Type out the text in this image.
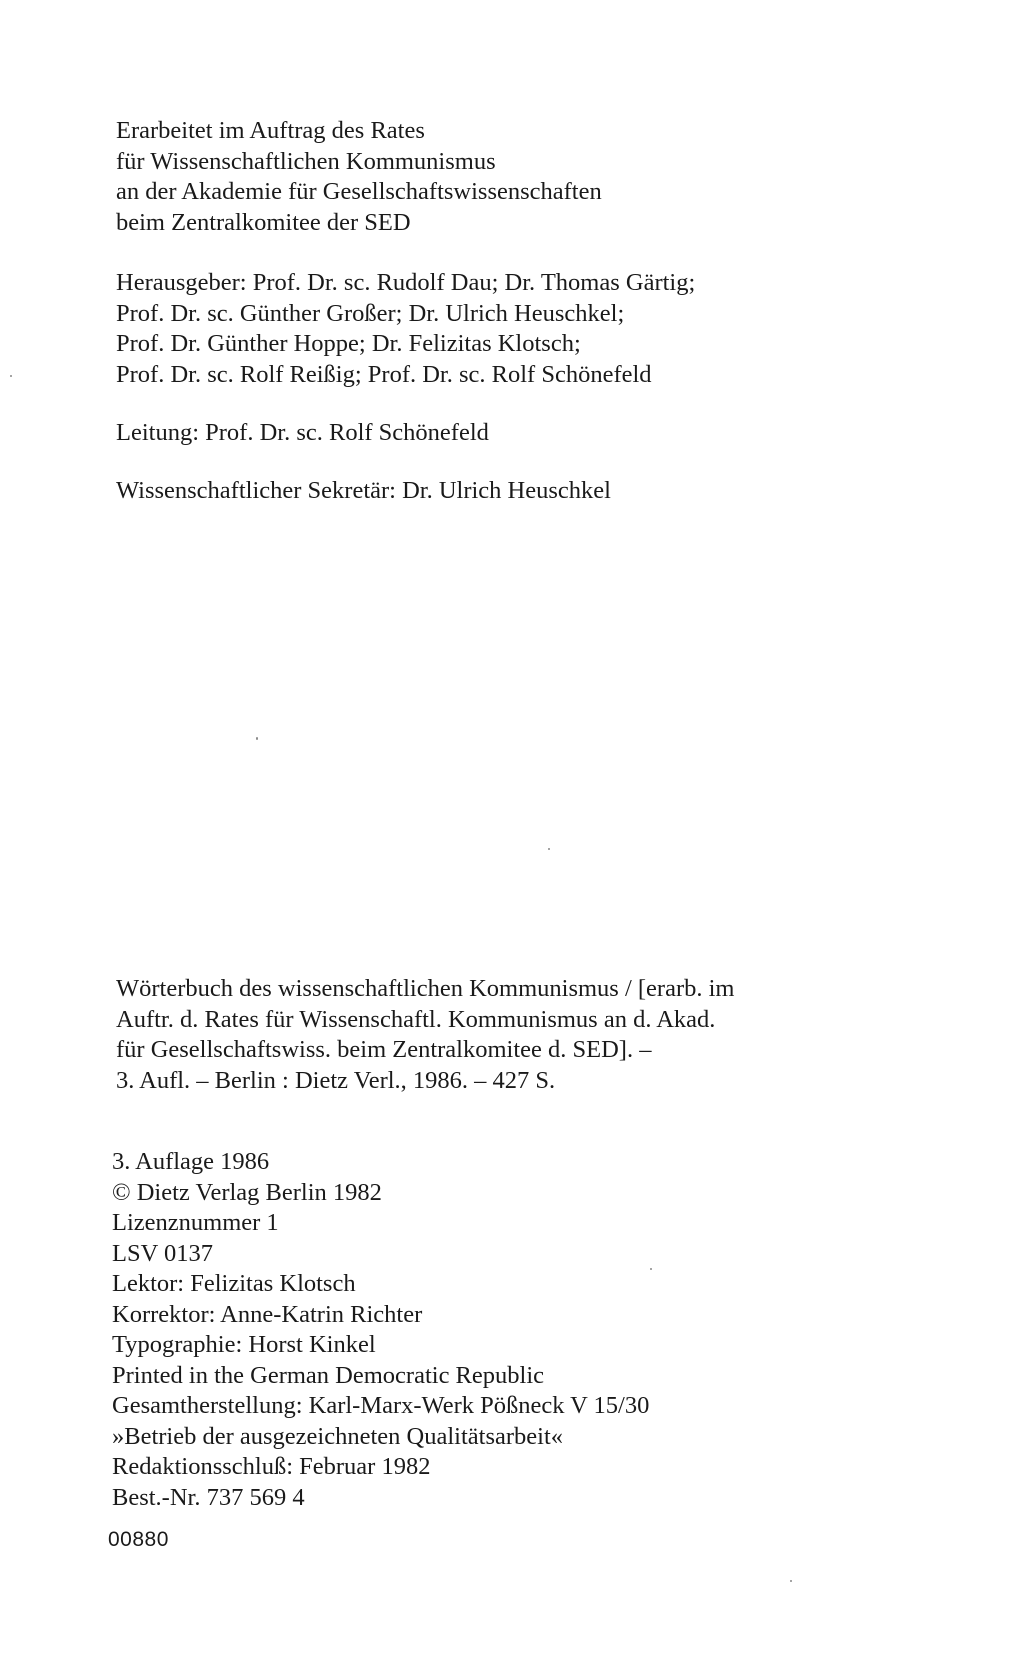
Erarbeitet im Auftrag des Rates
für Wissenschaftlichen Kommunismus
an der Akademie für Gesellschaftswissenschaften
beim Zentralkomitee der SED
Herausgeber: Prof. Dr. sc. Rudolf Dau; Dr. Thomas Gärtig;
Prof. Dr. sc. Günther Großer; Dr. Ulrich Heuschkel;
Prof. Dr. Günther Hoppe; Dr. Felizitas Klotsch;
Prof. Dr. sc. Rolf Reißig; Prof. Dr. sc. Rolf Schönefeld
Leitung: Prof. Dr. sc. Rolf Schönefeld
Wissenschaftlicher Sekretär: Dr. Ulrich Heuschkel
Wörterbuch des wissenschaftlichen Kommunismus / [erarb. im
Auftr. d. Rates für Wissenschaftl. Kommunismus an d. Akad.
für Gesellschaftswiss. beim Zentralkomitee d. SED]. –
3. Aufl. – Berlin : Dietz Verl., 1986. – 427 S.
3. Auflage 1986
© Dietz Verlag Berlin 1982
Lizenznummer 1
LSV 0137
Lektor: Felizitas Klotsch
Korrektor: Anne-Katrin Richter
Typographie: Horst Kinkel
Printed in the German Democratic Republic
Gesamtherstellung: Karl-Marx-Werk Pößneck V 15/30
»Betrieb der ausgezeichneten Qualitätsarbeit«
Redaktionsschluß: Februar 1982
Best.-Nr. 737 569 4
00880
